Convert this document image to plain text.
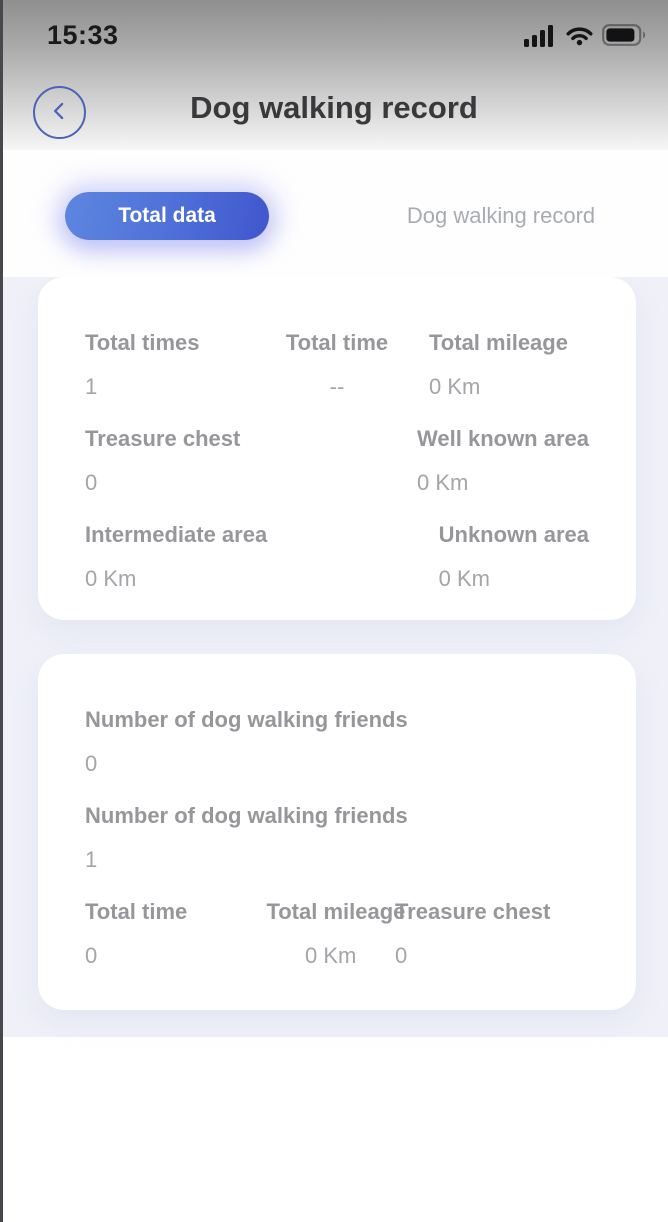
15:33
Dog walking record
Total data	Dog walking record
Total times
1
Total time
--
Total mileage
0 Km
Treasure chest
0
Well known area
0 Km
Intermediate area
0 Km
Unknown area
0 Km
Number of dog walking friends
0
Number of dog walking friends
1
Total time
0
Total mileage
0 Km
Treasure chest
0
